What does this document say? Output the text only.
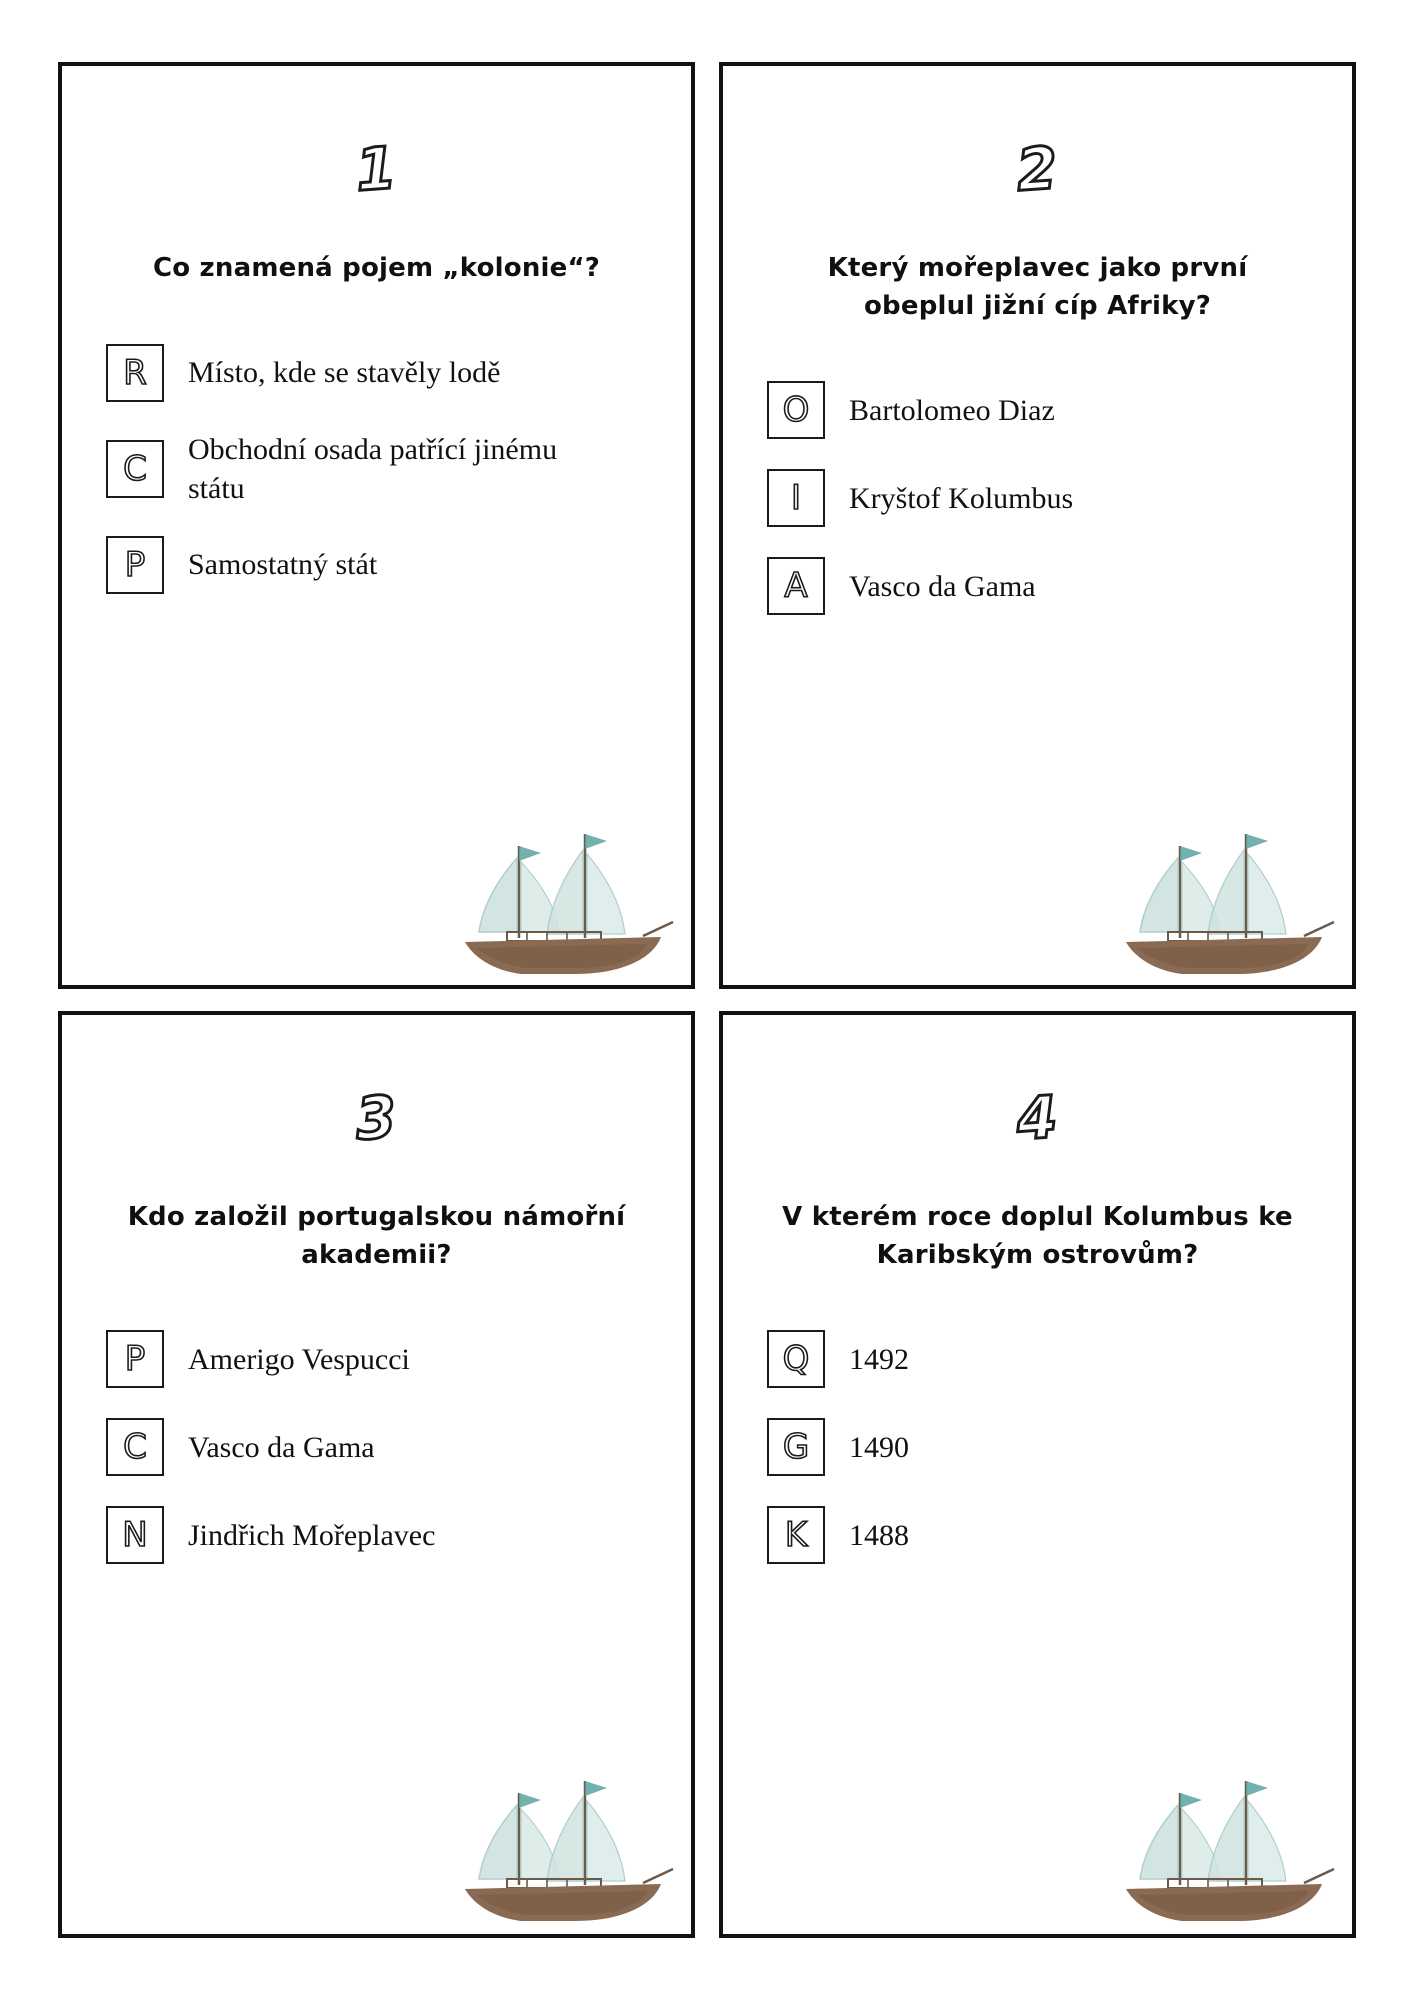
1
Co znamená pojem „kolonie“?
R	Místo, kde se stavěly lodě
C	Obchodní osada patřící jinému státu
P	Samostatný stát
2
Který mořeplavec jako první obeplul jižní cíp Afriky?
O	Bartolomeo Diaz
I	Kryštof Kolumbus
A	Vasco da Gama
3
Kdo založil portugalskou námořní akademii?
P	Amerigo Vespucci
C	Vasco da Gama
N	Jindřich Mořeplavec
4
V kterém roce doplul Kolumbus ke Karibským ostrovům?
Q	1492
G	1490
K	1488
